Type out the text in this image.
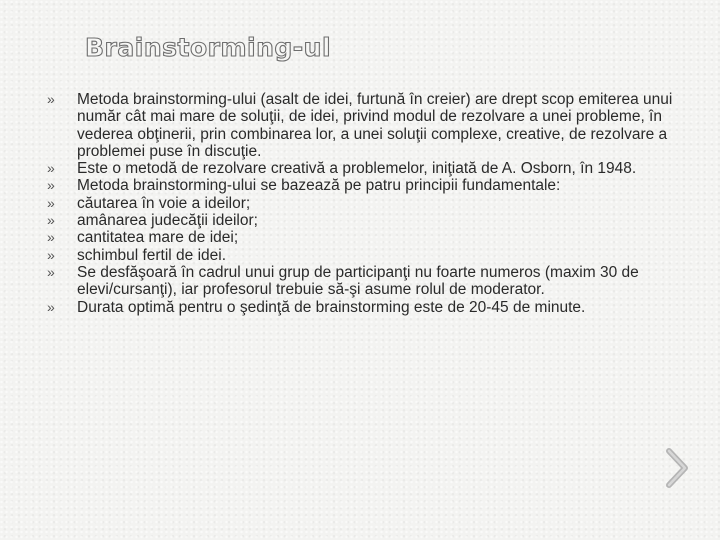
Brainstorming-ul
»	Metoda brainstorming-ului (asalt de idei, furtună în creier) are drept scop emiterea unui număr cât mai mare de soluţii, de idei, privind modul de rezolvare a unei probleme, în vederea obţinerii, prin combinarea lor, a unei soluţii complexe, creative, de rezolvare a problemei puse în discuţie.
»	Este o metodă de rezolvare creativă a problemelor, iniţiată de A. Osborn, în 1948.
»	Metoda brainstorming-ului se bazează pe patru principii fundamentale:
»	căutarea în voie a ideilor;
»	amânarea judecăţii ideilor;
»	cantitatea mare de idei;
»	schimbul fertil de idei.
»	Se desfăşoară în cadrul unui grup de participanţi nu foarte numeros (maxim 30 de elevi/cursanţi), iar profesorul trebuie să-şi asume rolul de moderator.
»	Durata optimă pentru o şedinţă de brainstorming este de 20-45 de minute.
